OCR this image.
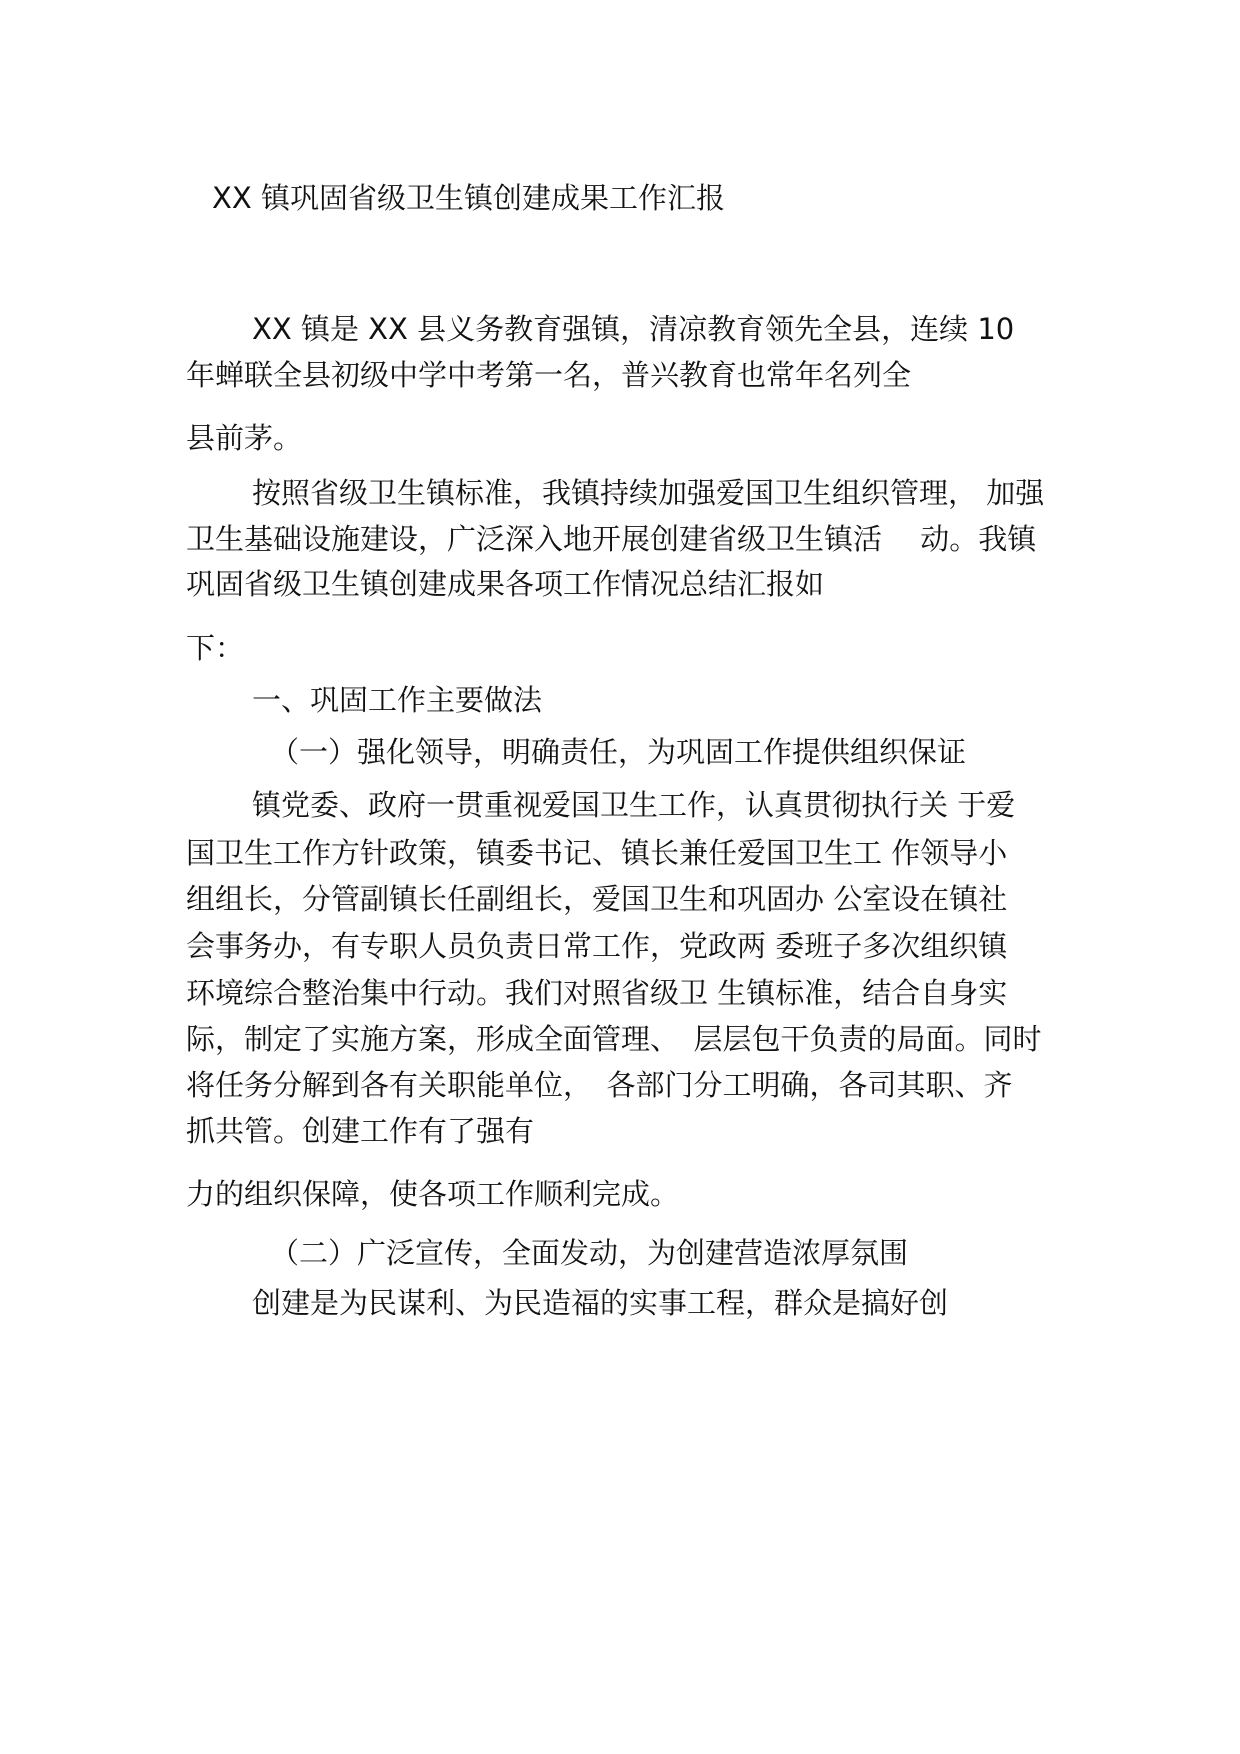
XX 镇巩固省级卫生镇创建成果工作汇报
XX 镇是 XX 县义务教育强镇，清凉教育领先全县，连续 10
年蝉联全县初级中学中考第一名，普兴教育也常年名列全
县前茅。
按照省级卫生镇标准，我镇持续加强爱国卫生组织管理， 加强
卫生基础设施建设，广泛深入地开展创建省级卫生镇活　 动。我镇
巩固省级卫生镇创建成果各项工作情况总结汇报如
下：
一、巩固工作主要做法
（一）强化领导，明确责任，为巩固工作提供组织保证
镇党委、政府一贯重视爱国卫生工作，认真贯彻执行关 于爱
国卫生工作方针政策，镇委书记、镇长兼任爱国卫生工 作领导小
组组长，分管副镇长任副组长，爱国卫生和巩固办 公室设在镇社
会事务办，有专职人员负责日常工作，党政两 委班子多次组织镇
环境综合整治集中行动。我们对照省级卫 生镇标准，结合自身实
际，制定了实施方案，形成全面管理、　层层包干负责的局面。同时
将任务分解到各有关职能单位，　各部门分工明确，各司其职、齐
抓共管。创建工作有了强有
力的组织保障，使各项工作顺利完成。
（二）广泛宣传，全面发动，为创建营造浓厚氛围
创建是为民谋利、为民造福的实事工程，群众是搞好创
